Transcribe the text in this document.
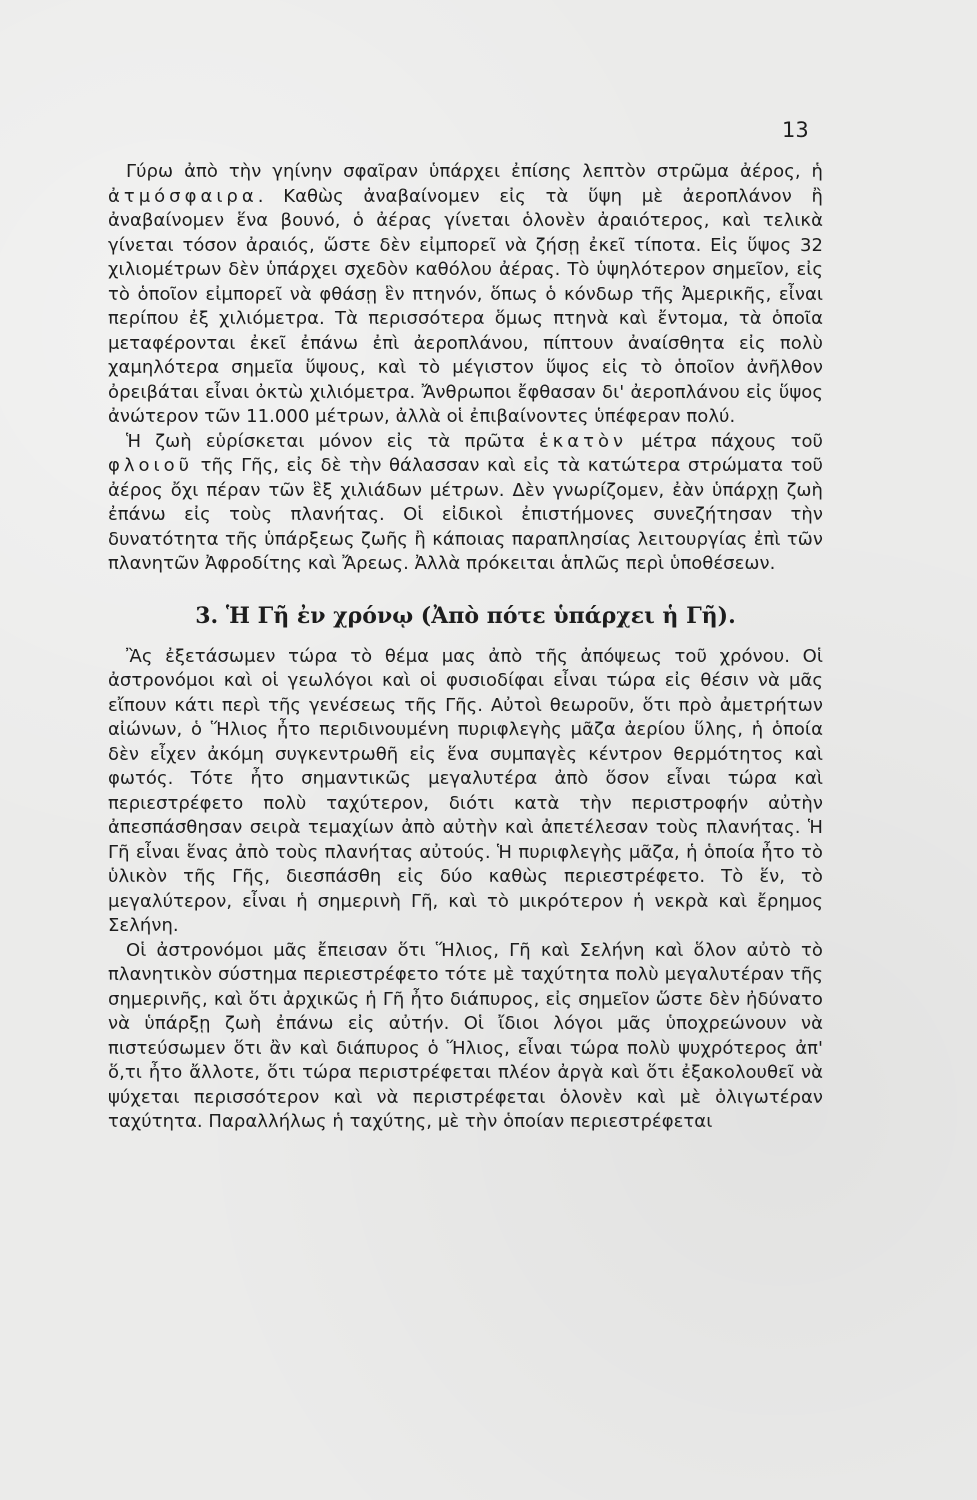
13

Γύρω ἀπὸ τὴν γηίνην σφαῖραν ὑπάρχει ἐπίσης λεπτὸν στρῶμα ἀέρος, ἡ ἀτμόσφαιρα. Καθὼς ἀναβαίνομεν εἰς τὰ ὕψη μὲ ἀεροπλάνον ἢ ἀναβαίνομεν ἕνα βουνό, ὁ ἀέρας γίνεται ὁλονὲν ἀραιότερος, καὶ τελικὰ γίνεται τόσον ἀραιός, ὥστε δὲν εἰμπορεῖ νὰ ζήσῃ ἐκεῖ τίποτα. Εἰς ὕψος 32 χιλιομέτρων δὲν ὑπάρχει σχεδὸν καθόλου ἀέρας. Τὸ ὑψηλότερον σημεῖον, εἰς τὸ ὁποῖον εἰμπορεῖ νὰ φθάσῃ ἓν πτηνόν, ὅπως ὁ κόνδωρ τῆς Ἀμερικῆς, εἶναι περίπου ἐξ χιλιόμετρα. Τὰ περισσότερα ὅμως πτηνὰ καὶ ἔντομα, τὰ ὁποῖα μεταφέρονται ἐκεῖ ἐπάνω ἐπὶ ἀεροπλάνου, πίπτουν ἀναίσθητα εἰς πολὺ χαμηλότερα σημεῖα ὕψους, καὶ τὸ μέγιστον ὕψος εἰς τὸ ὁποῖον ἀνῆλθον ὀρειβάται εἶναι ὀκτὼ χιλιόμετρα. Ἄνθρωποι ἔφθασαν δι' ἀεροπλάνου εἰς ὕψος ἀνώτερον τῶν 11.000 μέτρων, ἀλλὰ οἱ ἐπιβαίνοντες ὑπέφεραν πολύ.

Ἡ ζωὴ εὑρίσκεται μόνον εἰς τὰ πρῶτα ἑκατὸν μέτρα πάχους τοῦ φλοιοῦ τῆς Γῆς, εἰς δὲ τὴν θάλασσαν καὶ εἰς τὰ κατώτερα στρώματα τοῦ ἀέρος ὄχι πέραν τῶν ἓξ χιλιάδων μέτρων. Δὲν γνωρίζομεν, ἐὰν ὑπάρχῃ ζωὴ ἐπάνω εἰς τοὺς πλανήτας. Οἱ εἰδικοὶ ἐπιστήμονες συνεζήτησαν τὴν δυνατότητα τῆς ὑπάρξεως ζωῆς ἢ κάποιας παραπλησίας λειτουργίας ἐπὶ τῶν πλανητῶν Ἀφροδίτης καὶ Ἄρεως. Ἀλλὰ πρόκειται ἁπλῶς περὶ ὑποθέσεων.

3. Ἡ Γῆ ἐν χρόνῳ (Ἀπὸ πότε ὑπάρχει ἡ Γῆ).

Ἂς ἐξετάσωμεν τώρα τὸ θέμα μας ἀπὸ τῆς ἀπόψεως τοῦ χρόνου. Οἱ ἀστρονόμοι καὶ οἱ γεωλόγοι καὶ οἱ φυσιοδίφαι εἶναι τώρα εἰς θέσιν νὰ μᾶς εἴπουν κάτι περὶ τῆς γενέσεως τῆς Γῆς. Αὐτοὶ θεωροῦν, ὅτι πρὸ ἀμετρήτων αἰώνων, ὁ Ἥλιος ἦτο περιδινουμένη πυριφλεγὴς μᾶζα ἀερίου ὕλης, ἡ ὁποία δὲν εἶχεν ἀκόμη συγκεντρωθῆ εἰς ἕνα συμπαγὲς κέντρον θερμότητος καὶ φωτός. Τότε ἦτο σημαντικῶς μεγαλυτέρα ἀπὸ ὅσον εἶναι τώρα καὶ περιεστρέφετο πολὺ ταχύτερον, διότι κατὰ τὴν περιστροφήν αὐτὴν ἀπεσπάσθησαν σειρὰ τεμαχίων ἀπὸ αὐτὴν καὶ ἀπετέλεσαν τοὺς πλανήτας. Ἡ Γῆ εἶναι ἕνας ἀπὸ τοὺς πλανήτας αὐτούς. Ἡ πυριφλεγὴς μᾶζα, ἡ ὁποία ἦτο τὸ ὑλικὸν τῆς Γῆς, διεσπάσθη εἰς δύο καθὼς περιεστρέφετο. Τὸ ἕν, τὸ μεγαλύτερον, εἶναι ἡ σημερινὴ Γῆ, καὶ τὸ μικρότερον ἡ νεκρὰ καὶ ἔρημος Σελήνη.

Οἱ ἀστρονόμοι μᾶς ἔπεισαν ὅτι Ἥλιος, Γῆ καὶ Σελήνη καὶ ὅλον αὐτὸ τὸ πλανητικὸν σύστημα περιεστρέφετο τότε μὲ ταχύτητα πολὺ μεγαλυτέραν τῆς σημερινῆς, καὶ ὅτι ἀρχικῶς ἡ Γῆ ἦτο διάπυρος, εἰς σημεῖον ὥστε δὲν ἠδύνατο νὰ ὑπάρξῃ ζωὴ ἐπάνω εἰς αὐτήν. Οἱ ἴδιοι λόγοι μᾶς ὑποχρεώνουν νὰ πιστεύσωμεν ὅτι ἂν καὶ διάπυρος ὁ Ἥλιος, εἶναι τώρα πολὺ ψυχρότερος ἀπ' ὅ,τι ἦτο ἄλλοτε, ὅτι τώρα περιστρέφεται πλέον ἀργὰ καὶ ὅτι ἐξακολουθεῖ νὰ ψύχεται περισσότερον καὶ νὰ περιστρέφεται ὁλονὲν καὶ μὲ ὀλιγωτέραν ταχύτητα. Παραλλήλως ἡ ταχύτης, μὲ τὴν ὁποίαν περιεστρέφεται
